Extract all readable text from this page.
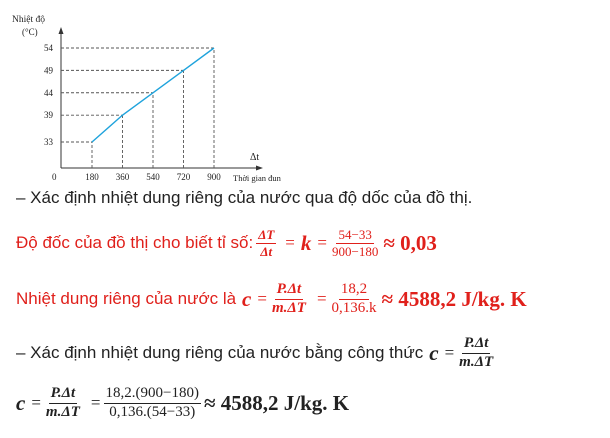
Nhiệt độ
(°C)
Δt
Thời gian đun
0	180 360 540 720 900
33
39
44
49
54
– Xác định nhiệt dung riêng của nước qua độ dốc của đồ thị.
Độ đốc của đồ thị cho biết tỉ số: $\frac{\Delta T}{\Delta t} = k = \frac{54-33}{900-180} \approx 0,03$
Nhiệt dung riêng của nước là $c = \frac{P.\Delta t}{m.\Delta T} = \frac{18,2}{0,136.k} \approx 4588,2$ J/kg. K
– Xác định nhiệt dung riêng của nước bằng công thức $c = \frac{P.\Delta t}{m.\Delta T}$
$c = \frac{P.\Delta t}{m.\Delta T} = \frac{18,2.(900-180)}{0,136.(54-33)} \approx 4588,2$ J/kg. K
